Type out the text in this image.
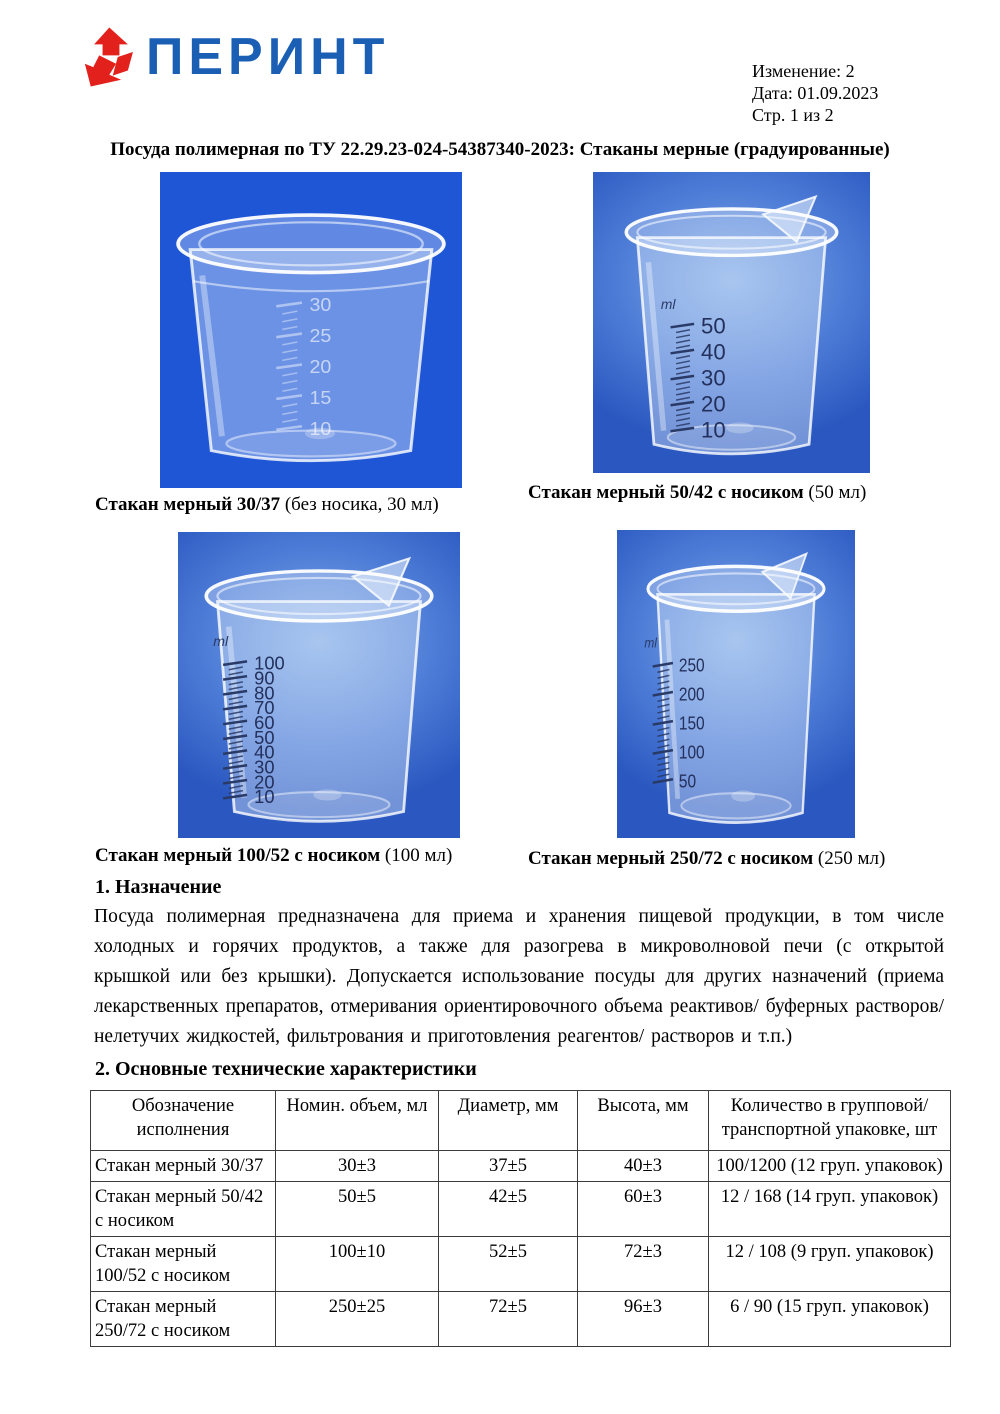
ПЕРИНТ	Изменение: 2
Дата: 01.09.2023
Стр. 1 из 2
Посуда полимерная по ТУ 22.29.23-024-54387340-2023: Стаканы мерные (градуированные)
30
25
20
15
10
50
40
30
20
10
ml
100
90
80
70
60
50
40
30
20
10
ml
250
200
150
100
50
ml
Стакан мерный 30/37 (без носика, 30 мл)
Стакан мерный 50/42 с носиком (50 мл)
Стакан мерный 100/52 с носиком (100 мл)	Стакан мерный 250/72 с носиком (250 мл)
1. Назначение

Посуда полимерная предназначена для приема и хранения пищевой продукции, в том числе холодных и горячих продуктов, а также для разогрева в микроволновой печи (с открытой крышкой или без крышки). Допускается использование посуды для других назначений (приема лекарственных препаратов, отмеривания ориентировочного объема реактивов/ буферных растворов/ нелетучих жидкостей, фильтрования и приготовления реагентов/ растворов и т.п.)

2. Основные технические характеристики
Обозначение исполнения	Номин. объем, мл	Диаметр, мм	Высота, мм	Количество в групповой/ транспортной упаковке, шт
Стакан мерный 30/37	30±3	37±5	40±3	100/1200 (12 груп. упаковок)
Стакан мерный 50/42 с носиком	50±5	42±5	60±3	12 / 168 (14 груп. упаковок)
Стакан мерный 100/52 с носиком	100±10	52±5	72±3	12 / 108 (9 груп. упаковок)
Стакан мерный 250/72 с носиком	250±25	72±5	96±3	6 / 90 (15 груп. упаковок)
